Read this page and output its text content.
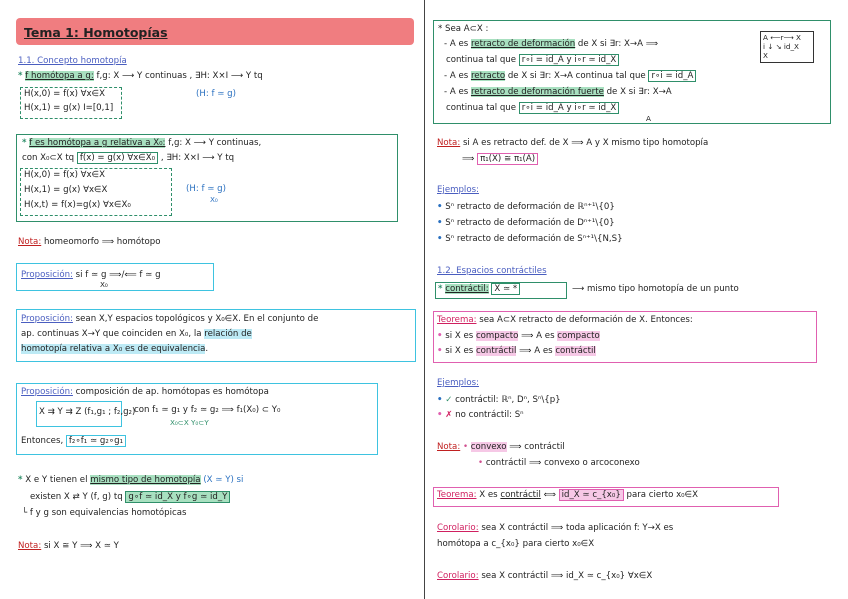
Tema 1: Homotopías
1.1. Concepto homotopía
* f homótopa a g: f,g: X ⟶ Y continuas , ∃H: X×I ⟶ Y tq
H(x,0) = f(x) ∀x∈X
H(x,1) = g(x) I=[0,1]
(H: f ≃ g)
* f es homótopa a g relativa a X₀: f,g: X ⟶ Y continuas,
con X₀⊂X tq f(x) = g(x) ∀x∈X₀ , ∃H: X×I ⟶ Y tq
H(x,0) = f(x) ∀x∈X
H(x,1) = g(x) ∀x∈X
H(x,t) = f(x)=g(x) ∀x∈X₀
(H: f ≃ g)
X₀
Nota: homeomorfo ⟹ homótopo
Proposición: si f ≃ g ⟹/⟸ f ≃ g
X₀
Proposición: sean X,Y espacios topológicos y X₀∈X. En el conjunto de
ap. continuas X→Y que coinciden en X₀, la relación de
homotopía relativa a X₀ es de equivalencia.
Proposición: composición de ap. homótopas es homótopa
X ⇉ Y ⇉ Z (f₁,g₁ ; f₂,g₂)
con f₁ ≃ g₁ y f₂ ≃ g₂ ⟹ f₁(X₀) ⊂ Y₀
X₀⊂X Y₀⊂Y
Entonces, f₂∘f₁ ≃ g₂∘g₁
* X e Y tienen el mismo tipo de homotopía (X ≃ Y) si
existen X ⇄ Y (f, g) tq g∘f ≃ id_X y f∘g ≃ id_Y
└ f y g son equivalencias homotópicas
Nota: si X ≅ Y ⟹ X ≃ Y
* Sea A⊂X :
- A es retracto de deformación de X si ∃r: X→A ⟹
continua tal que r∘i = id_A y i∘r ≃ id_X
- A es retracto de X si ∃r: X→A continua tal que r∘i = id_A
- A es retracto de deformación fuerte de X si ∃r: X→A
continua tal que r∘i = id_A y i∘r ≃ id_X
A
A ⟵r⟶ X
i ↓ ↘ id_X
X
Nota: si A es retracto def. de X ⟹ A y X mismo tipo homotopía
⟹ π₁(X) ≅ π₁(A)
Ejemplos:
• Sⁿ retracto de deformación de ℝⁿ⁺¹\{0}
• Sⁿ retracto de deformación de Dⁿ⁺¹\{0}
• Sⁿ retracto de deformación de Sⁿ⁺¹\{N,S}
1.2. Espacios contráctiles
* contráctil: X ≃ *	⟶ mismo tipo homotopía de un punto
Teorema: sea A⊂X retracto de deformación de X. Entonces:
• si X es compacto ⟹ A es compacto
• si X es contráctil ⟹ A es contráctil
Ejemplos:
• ✓ contráctil: ℝⁿ, Dⁿ, Sⁿ\{p}
• ✗ no contráctil: Sⁿ
Nota: • convexo ⟹ contráctil
• contráctil ⟹ convexo o arcoconexo
Teorema: X es contráctil ⟺ id_X ≃ c_{x₀} para cierto x₀∈X
Corolario: sea X contráctil ⟹ toda aplicación f: Y→X es
homótopa a c_{x₀} para cierto x₀∈X
Corolario: sea X contráctil ⟹ id_X ≃ c_{x₀} ∀x∈X
